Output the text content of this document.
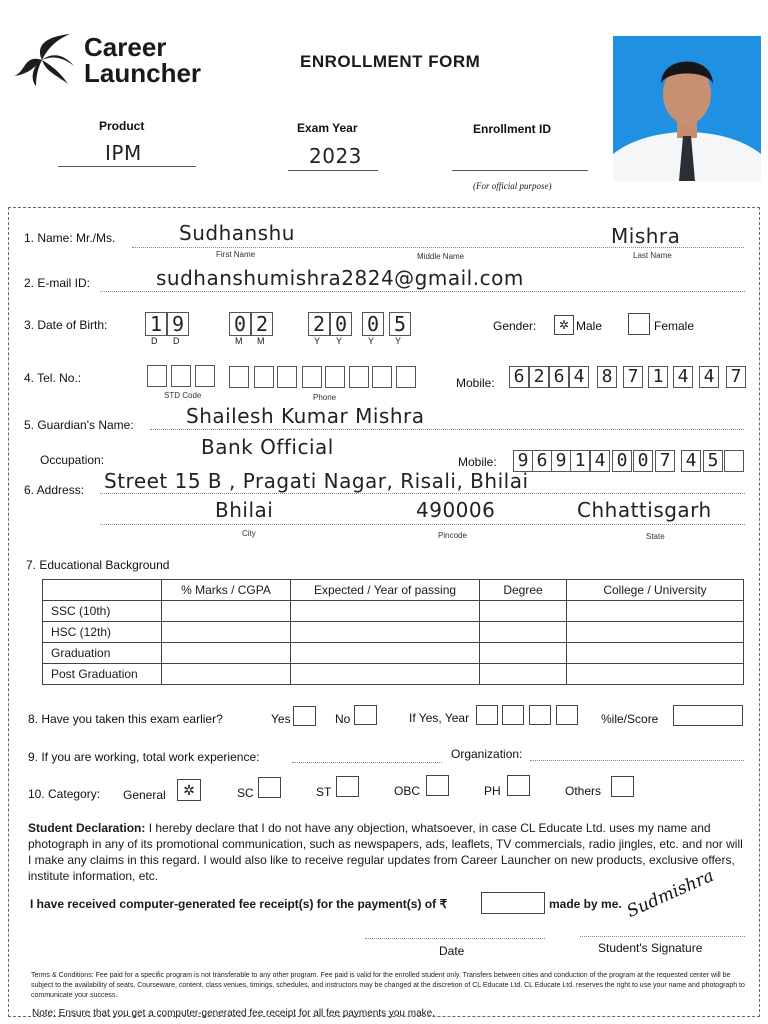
Career
Launcher	ENROLLMENT FORM
Product
IPM
Exam Year
2023
Enrollment ID
(For official purpose)
1. Name: Mr./Ms.	Sudhanshu	Mishra
First Name	Middle Name	Last Name
2. E-mail ID:	sudhanshumishra2824@gmail.com
3. Date of Birth: 1 9 0 2 2 0 0 5
D D	M M	Y Y	Y Y
Gender:	✲ Male	Female
4. Tel. No.:
STD Code	Phone
Mobile: 6 2 6 4 8 7 1 4 4 7
5. Guardian's Name:	Shailesh Kumar Mishra
Occupation:
Bank Official
Mobile: 9 6 9 1 4 0 0 7 4 5
6. Address: Street 15 B , Pragati Nagar, Risali, Bhilai
Bhilai	490006	Chhattisgarh
City	Pincode	State
7. Educational Background
	% Marks / CGPA	Expected / Year of passing	Degree	College / University
SSC (10th)				
HSC (12th)				
Graduation				
Post Graduation				
8. Have you taken this exam earlier?	Yes	No	If Yes, Year	%ile/Score
9. If you are working, total work experience:	Organization:
10. Category: General	✲	SC	ST	OBC	PH	Others
Student Declaration: I hereby declare that I do not have any objection, whatsoever, in case CL Educate Ltd. uses my name and photograph in any of its promotional communication, such as newspapers, ads, leaflets, TV commercials, radio jingles, etc. and nor will I make any claims in this regard. I would also like to receive regular updates from Career Launcher on new products, exclusive offers, institute information, etc.
I have received computer-generated fee receipt(s) for the payment(s) of ₹	made by me. Sudmishra
Date	Student's Signature
Terms & Conditions: Fee paid for a specific program is not transferable to any other program. Fee paid is valid for the enrolled student only. Transfers between cities and conduction of the program at the requested center will be subject to the availability of seats. Courseware, content, class venues, timings, schedules, and instructors may be changed at the discretion of CL Educate Ltd. CL Educate Ltd. reserves the right to use your name and photograph to communicate your success.
Note: Ensure that you get a computer-generated fee receipt for all fee payments you make.
